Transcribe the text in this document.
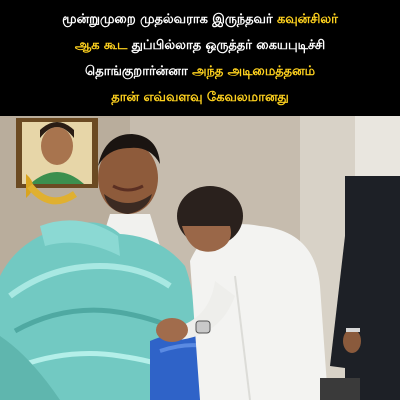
மூன்றுமுறை முதல்வராக இருந்தவர் கவுன்சிலர்
ஆக கூட துப்பில்லாத ஒருத்தர் கையபுடிச்சி
தொங்குறார்ன்னா அந்த அடிமைத்தனம்
தான் எவ்வளவு கேவலமானது
